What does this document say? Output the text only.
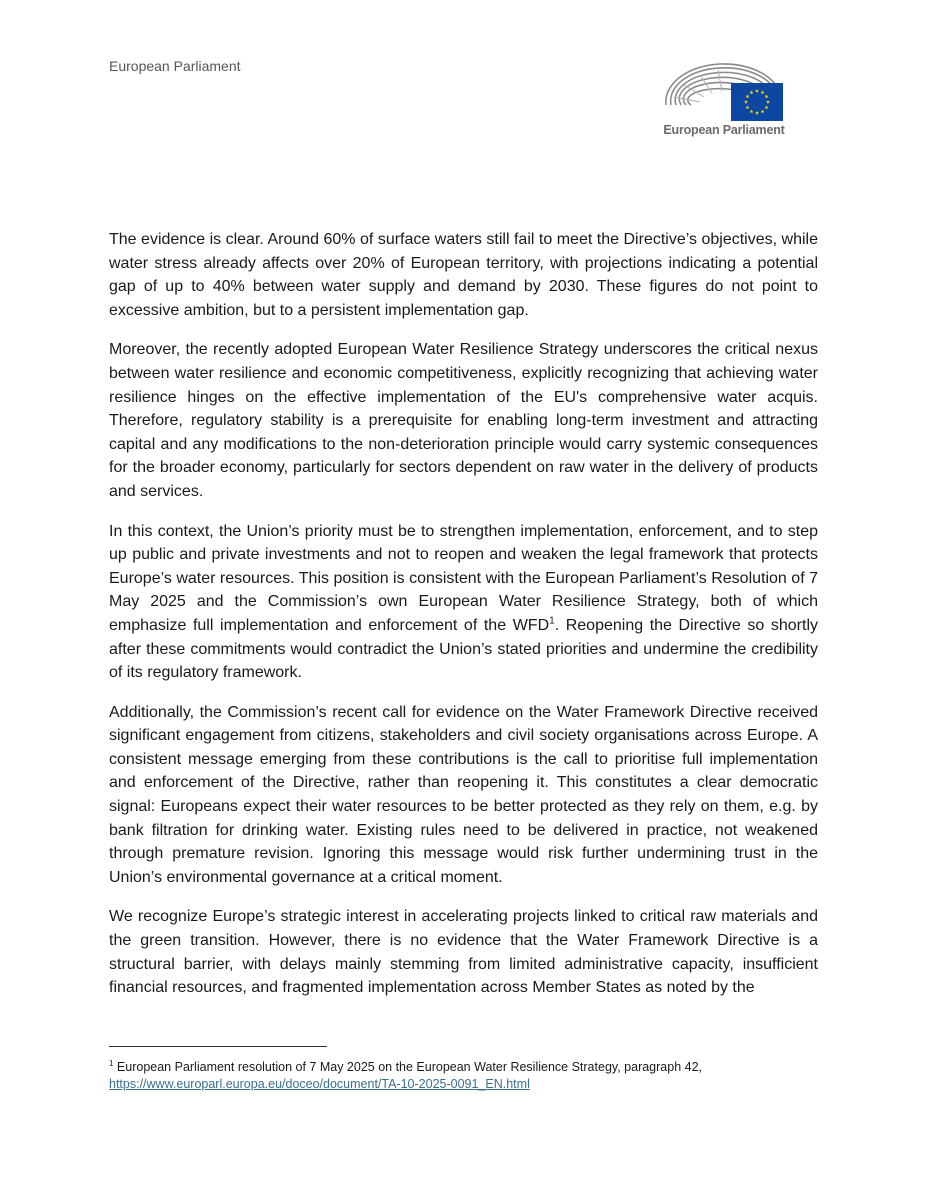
European Parliament
European Parliament

The evidence is clear. Around 60% of surface waters still fail to meet the Directive’s objectives, while water stress already affects over 20% of European territory, with projections indicating a potential gap of up to 40% between water supply and demand by 2030. These figures do not point to excessive ambition, but to a persistent implementation gap.

Moreover, the recently adopted European Water Resilience Strategy underscores the critical nexus between water resilience and economic competitiveness, explicitly recognizing that achieving water resilience hinges on the effective implementation of the EU's comprehensive water acquis. Therefore, regulatory stability is a prerequisite for enabling long-term investment and attracting capital and any modifications to the non-deterioration principle would carry systemic consequences for the broader economy, particularly for sectors dependent on raw water in the delivery of products and services.

In this context, the Union’s priority must be to strengthen implementation, enforcement, and to step up public and private investments and not to reopen and weaken the legal framework that protects Europe’s water resources. This position is consistent with the European Parliament’s Resolution of 7 May 2025 and the Commission’s own European Water Resilience Strategy, both of which emphasize full implementation and enforcement of the WFD$^1$. Reopening the Directive so shortly after these commitments would contradict the Union’s stated priorities and undermine the credibility of its regulatory framework.

Additionally, the Commission’s recent call for evidence on the Water Framework Directive received significant engagement from citizens, stakeholders and civil society organisations across Europe. A consistent message emerging from these contributions is the call to prioritise full implementation and enforcement of the Directive, rather than reopening it. This constitutes a clear democratic signal: Europeans expect their water resources to be better protected as they rely on them, e.g. by bank filtration for drinking water. Existing rules need to be delivered in practice, not weakened through premature revision. Ignoring this message would risk further undermining trust in the Union’s environmental governance at a critical moment.

We recognize Europe’s strategic interest in accelerating projects linked to critical raw materials and the green transition. However, there is no evidence that the Water Framework Directive is a structural barrier, with delays mainly stemming from limited administrative capacity, insufficient financial resources, and fragmented implementation across Member States as noted by the

$^1$ European Parliament resolution of 7 May 2025 on the European Water Resilience Strategy, paragraph 42,
https://www.europarl.europa.eu/doceo/document/TA-10-2025-0091_EN.html
